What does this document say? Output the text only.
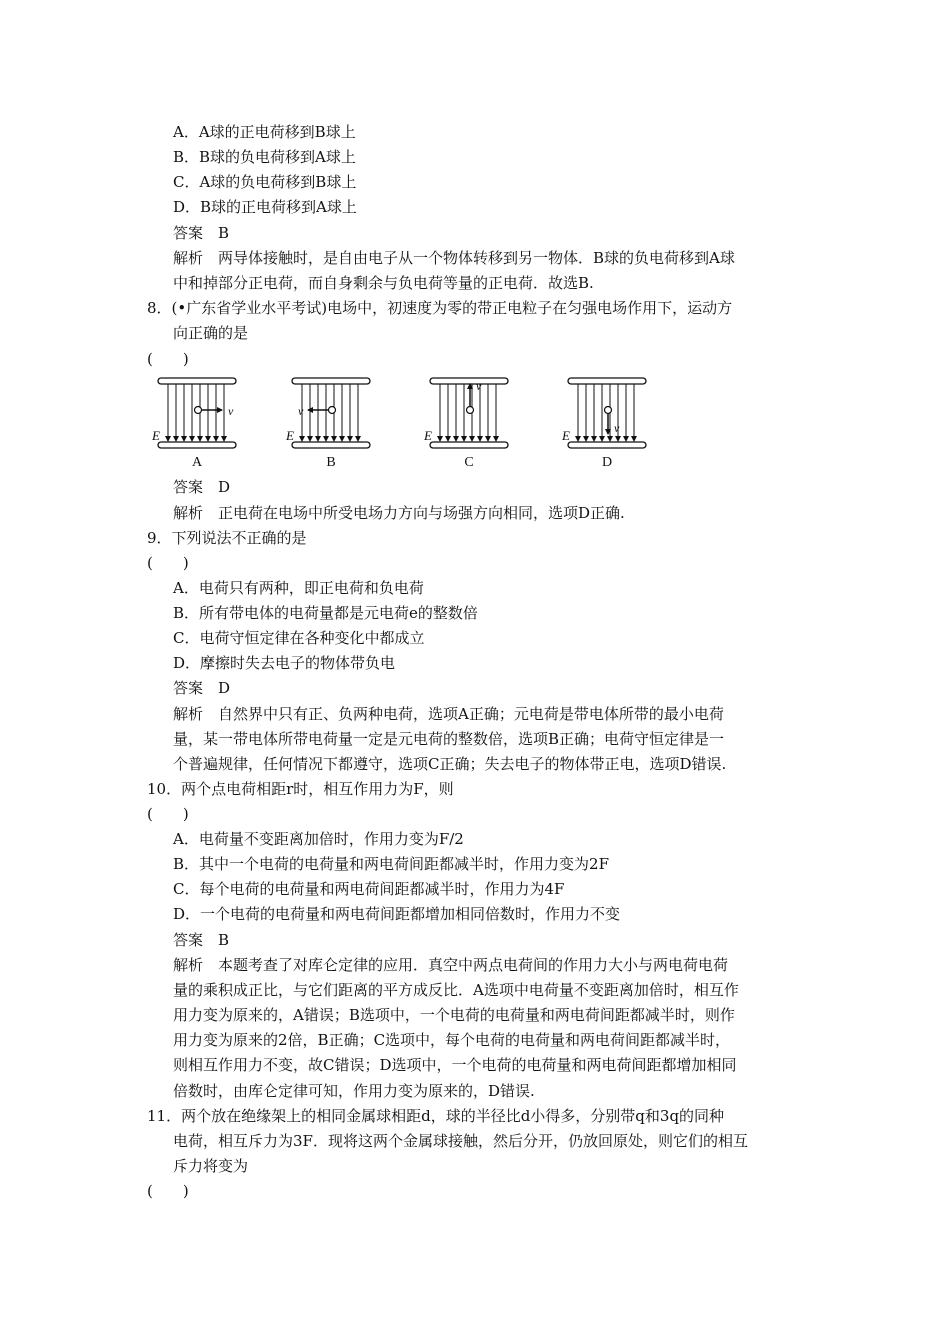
A．A球的正电荷移到B球上
B．B球的负电荷移到A球上
C．A球的负电荷移到B球上
D．B球的正电荷移到A球上
答案　B
解析　两导体接触时，是自由电子从一个物体转移到另一物体．B球的负电荷移到A球
中和掉部分正电荷，而自身剩余与负电荷等量的正电荷．故选B.
8．(•广东省学业水平考试)电场中，初速度为零的带正电粒子在匀强电场作用下，运动方
向正确的是
(　　)
E
v
A
E
v
B
E
v
C
E	v
D
答案　D
解析　正电荷在电场中所受电场力方向与场强方向相同，选项D正确.
9．下列说法不正确的是
(　　)
A．电荷只有两种，即正电荷和负电荷
B．所有带电体的电荷量都是元电荷e的整数倍
C．电荷守恒定律在各种变化中都成立
D．摩擦时失去电子的物体带负电
答案　D
解析　自然界中只有正、负两种电荷，选项A正确；元电荷是带电体所带的最小电荷
量，某一带电体所带电荷量一定是元电荷的整数倍，选项B正确；电荷守恒定律是一
个普遍规律，任何情况下都遵守，选项C正确；失去电子的物体带正电，选项D错误.
10．两个点电荷相距r时，相互作用力为F，则
(　　)
A．电荷量不变距离加倍时，作用力变为F/2
B．其中一个电荷的电荷量和两电荷间距都减半时，作用力变为2F
C．每个电荷的电荷量和两电荷间距都减半时，作用力为4F
D．一个电荷的电荷量和两电荷间距都增加相同倍数时，作用力不变
答案　B
解析　本题考查了对库仑定律的应用．真空中两点电荷间的作用力大小与两电荷电荷
量的乘积成正比，与它们距离的平方成反比．A选项中电荷量不变距离加倍时，相互作
用力变为原来的，A错误；B选项中，一个电荷的电荷量和两电荷间距都减半时，则作
用力变为原来的2倍，B正确；C选项中，每个电荷的电荷量和两电荷间距都减半时，
则相互作用力不变，故C错误；D选项中，一个电荷的电荷量和两电荷间距都增加相同
倍数时，由库仑定律可知，作用力变为原来的，D错误.
11．两个放在绝缘架上的相同金属球相距d，球的半径比d小得多，分别带q和3q的同种
电荷，相互斥力为3F．现将这两个金属球接触，然后分开，仍放回原处，则它们的相互
斥力将变为
(　　)
